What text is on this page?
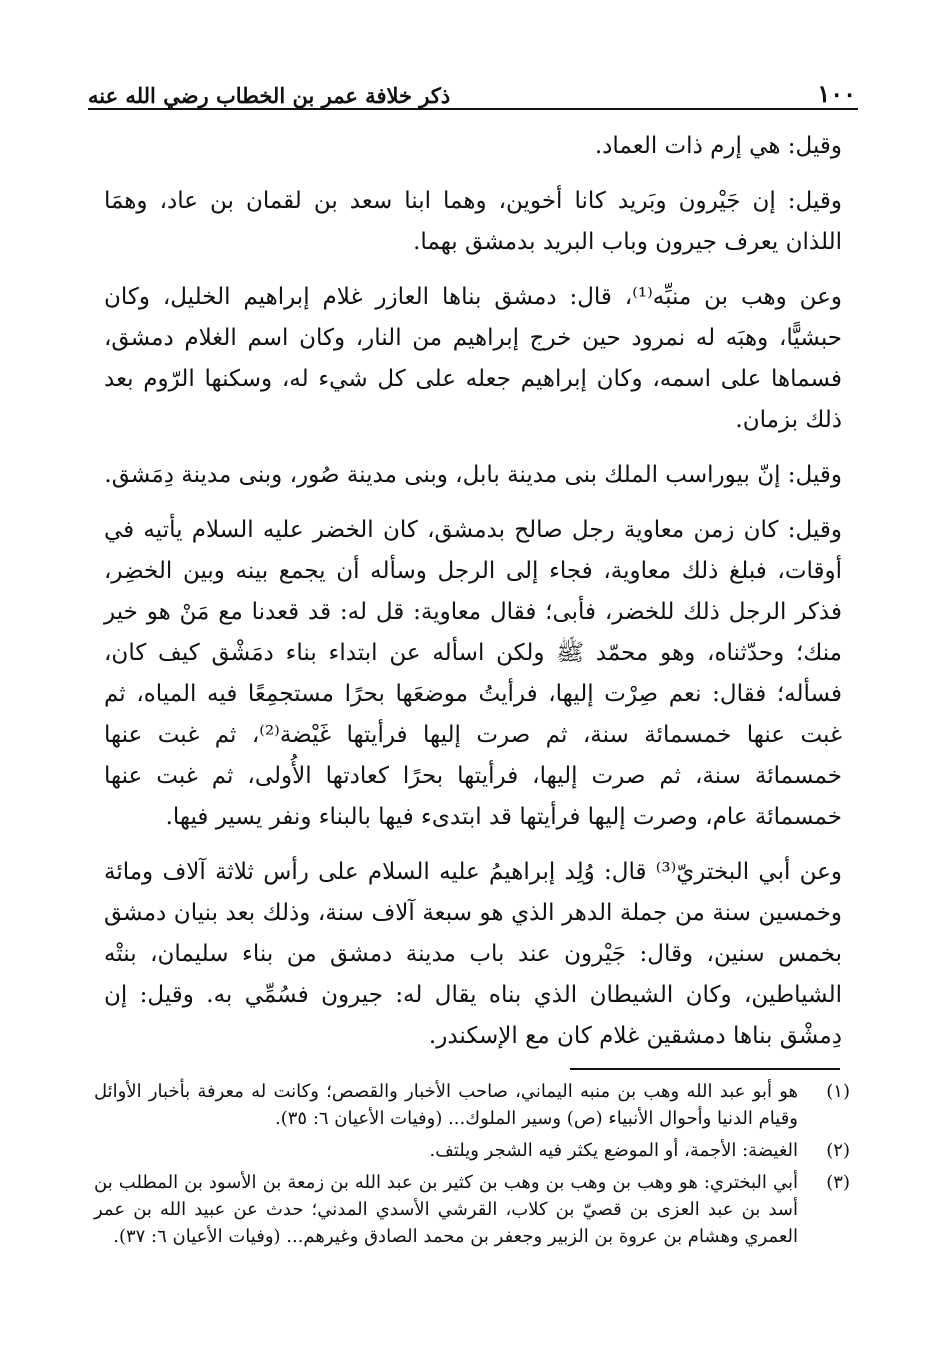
١٠٠
ذكر خلافة عمر بن الخطاب رضي الله عنه

وقيل: هي إرم ذات العماد.

وقيل: إن جَيْرون وبَريد كانا أخوين، وهما ابنا سعد بن لقمان بن عاد، وهمَا اللذان يعرف جيرون وباب البريد بدمشق بهما.

وعن وهب بن منبِّه⁽¹⁾، قال: دمشق بناها العازر غلام إبراهيم الخليل، وكان حبشيًّا، وهبَه له نمرود حين خرج إبراهيم من النار، وكان اسم الغلام دمشق، فسماها على اسمه، وكان إبراهيم جعله على كل شيء له، وسكنها الرّوم بعد ذلك بزمان.

وقيل: إنّ بيوراسب الملك بنى مدينة بابل، وبنى مدينة صُور، وبنى مدينة دِمَشق.

وقيل: كان زمن معاوية رجل صالح بدمشق، كان الخضر عليه السلام يأتيه في أوقات، فبلغ ذلك معاوية، فجاء إلى الرجل وسأله أن يجمع بينه وبين الخضِر، فذكر الرجل ذلك للخضر، فأبى؛ فقال معاوية: قل له: قد قعدنا مع مَنْ هو خير منك؛ وحدّثناه، وهو محمّد ﷺ ولكن اسأله عن ابتداء بناء دمَشْق كيف كان، فسأله؛ فقال: نعم صِرْت إليها، فرأيتُ موضعَها بحرًا مستجمِعًا فيه المياه، ثم غبت عنها خمسمائة سنة، ثم صرت إليها فرأيتها غَيْضة⁽²⁾، ثم غبت عنها خمسمائة سنة، ثم صرت إليها، فرأيتها بحرًا كعادتها الأُولى، ثم غبت عنها خمسمائة عام، وصرت إليها فرأيتها قد ابتدىء فيها بالبناء ونفر يسير فيها.

وعن أبي البختريّ⁽³⁾ قال: وُلِد إبراهيمُ عليه السلام على رأس ثلاثة آلاف ومائة وخمسين سنة من جملة الدهر الذي هو سبعة آلاف سنة، وذلك بعد بنيان دمشق بخمس سنين، وقال: جَيْرون عند باب مدينة دمشق من بناء سليمان، بنتْه الشياطين، وكان الشيطان الذي بناه يقال له: جيرون فسُمِّي به. وقيل: إن دِمشْق بناها دمشقين غلام كان مع الإسكندر.

(١)
هو أبو عبد الله وهب بن منبه اليماني، صاحب الأخبار والقصص؛ وكانت له معرفة بأخبار الأوائل وقيام الدنيا وأحوال الأنبياء (ص) وسير الملوك... (وفيات الأعيان ٦: ٣٥).
(٢)
الغيضة: الأجمة، أو الموضع يكثر فيه الشجر ويلتف.
(٣)
أبي البختري: هو وهب بن وهب بن وهب بن كثير بن عبد الله بن زمعة بن الأسود بن المطلب بن أسد بن عبد العزى بن قصيّ بن كلاب، القرشي الأسدي المدني؛ حدث عن عبيد الله بن عمر العمري وهشام بن عروة بن الزبير وجعفر بن محمد الصادق وغيرهم... (وفيات الأعيان ٦: ٣٧).
